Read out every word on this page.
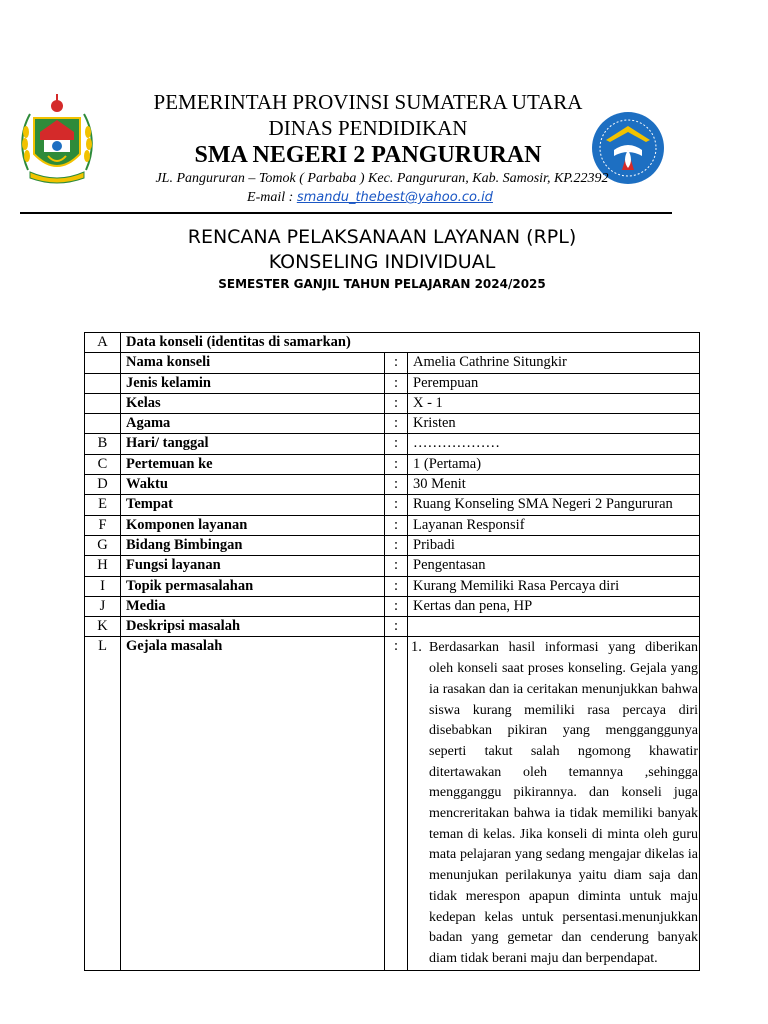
PEMERINTAH PROVINSI SUMATERA UTARA
DINAS PENDIDIKAN
SMA NEGERI 2 PANGURURAN
JL. Pangururan – Tomok ( Parbaba ) Kec. Pangururan, Kab. Samosir, KP.22392
E-mail : smandu_thebest@yahoo.co.id
RENCANA PELAKSANAAN LAYANAN (RPL)
KONSELING INDIVIDUAL
SEMESTER GANJIL TAHUN PELAJARAN 2024/2025
A	Data konseli (identitas di samarkan)		
	Nama konseli	:	Amelia Cathrine Situngkir
	Jenis kelamin	:	Perempuan
	Kelas	:	X - 1
	Agama	:	Kristen
B	Hari/ tanggal	:	………………
C	Pertemuan ke	:	1 (Pertama)
D	Waktu	:	30 Menit
E	Tempat	:	Ruang Konseling SMA Negeri 2 Pangururan
F	Komponen layanan	:	Layanan Responsif
G	Bidang Bimbingan	:	Pribadi
H	Fungsi layanan	:	Pengentasan
I	Topik permasalahan	:	Kurang Memiliki Rasa Percaya diri
J	Media	:	Kertas dan pena, HP
K	Deskripsi masalah	:	
L	Gejala masalah	:	1. Berdasarkan hasil informasi yang diberikan oleh konseli saat proses konseling. Gejala yang ia rasakan dan ia ceritakan menunjukkan bahwa siswa kurang memiliki rasa percaya diri disebabkan pikiran yang mengganggunya seperti takut salah ngomong khawatir ditertawakan oleh temannya ,sehingga mengganggu pikirannya. dan konseli juga mencreritakan bahwa ia tidak memiliki banyak teman di kelas. Jika konseli di minta oleh guru mata pelajaran yang sedang mengajar dikelas ia menunjukan perilakunya yaitu diam saja dan tidak merespon apapun diminta untuk maju kedepan kelas untuk persentasi.menunjukkan badan yang gemetar dan cenderung banyak diam tidak berani maju dan berpendapat.
